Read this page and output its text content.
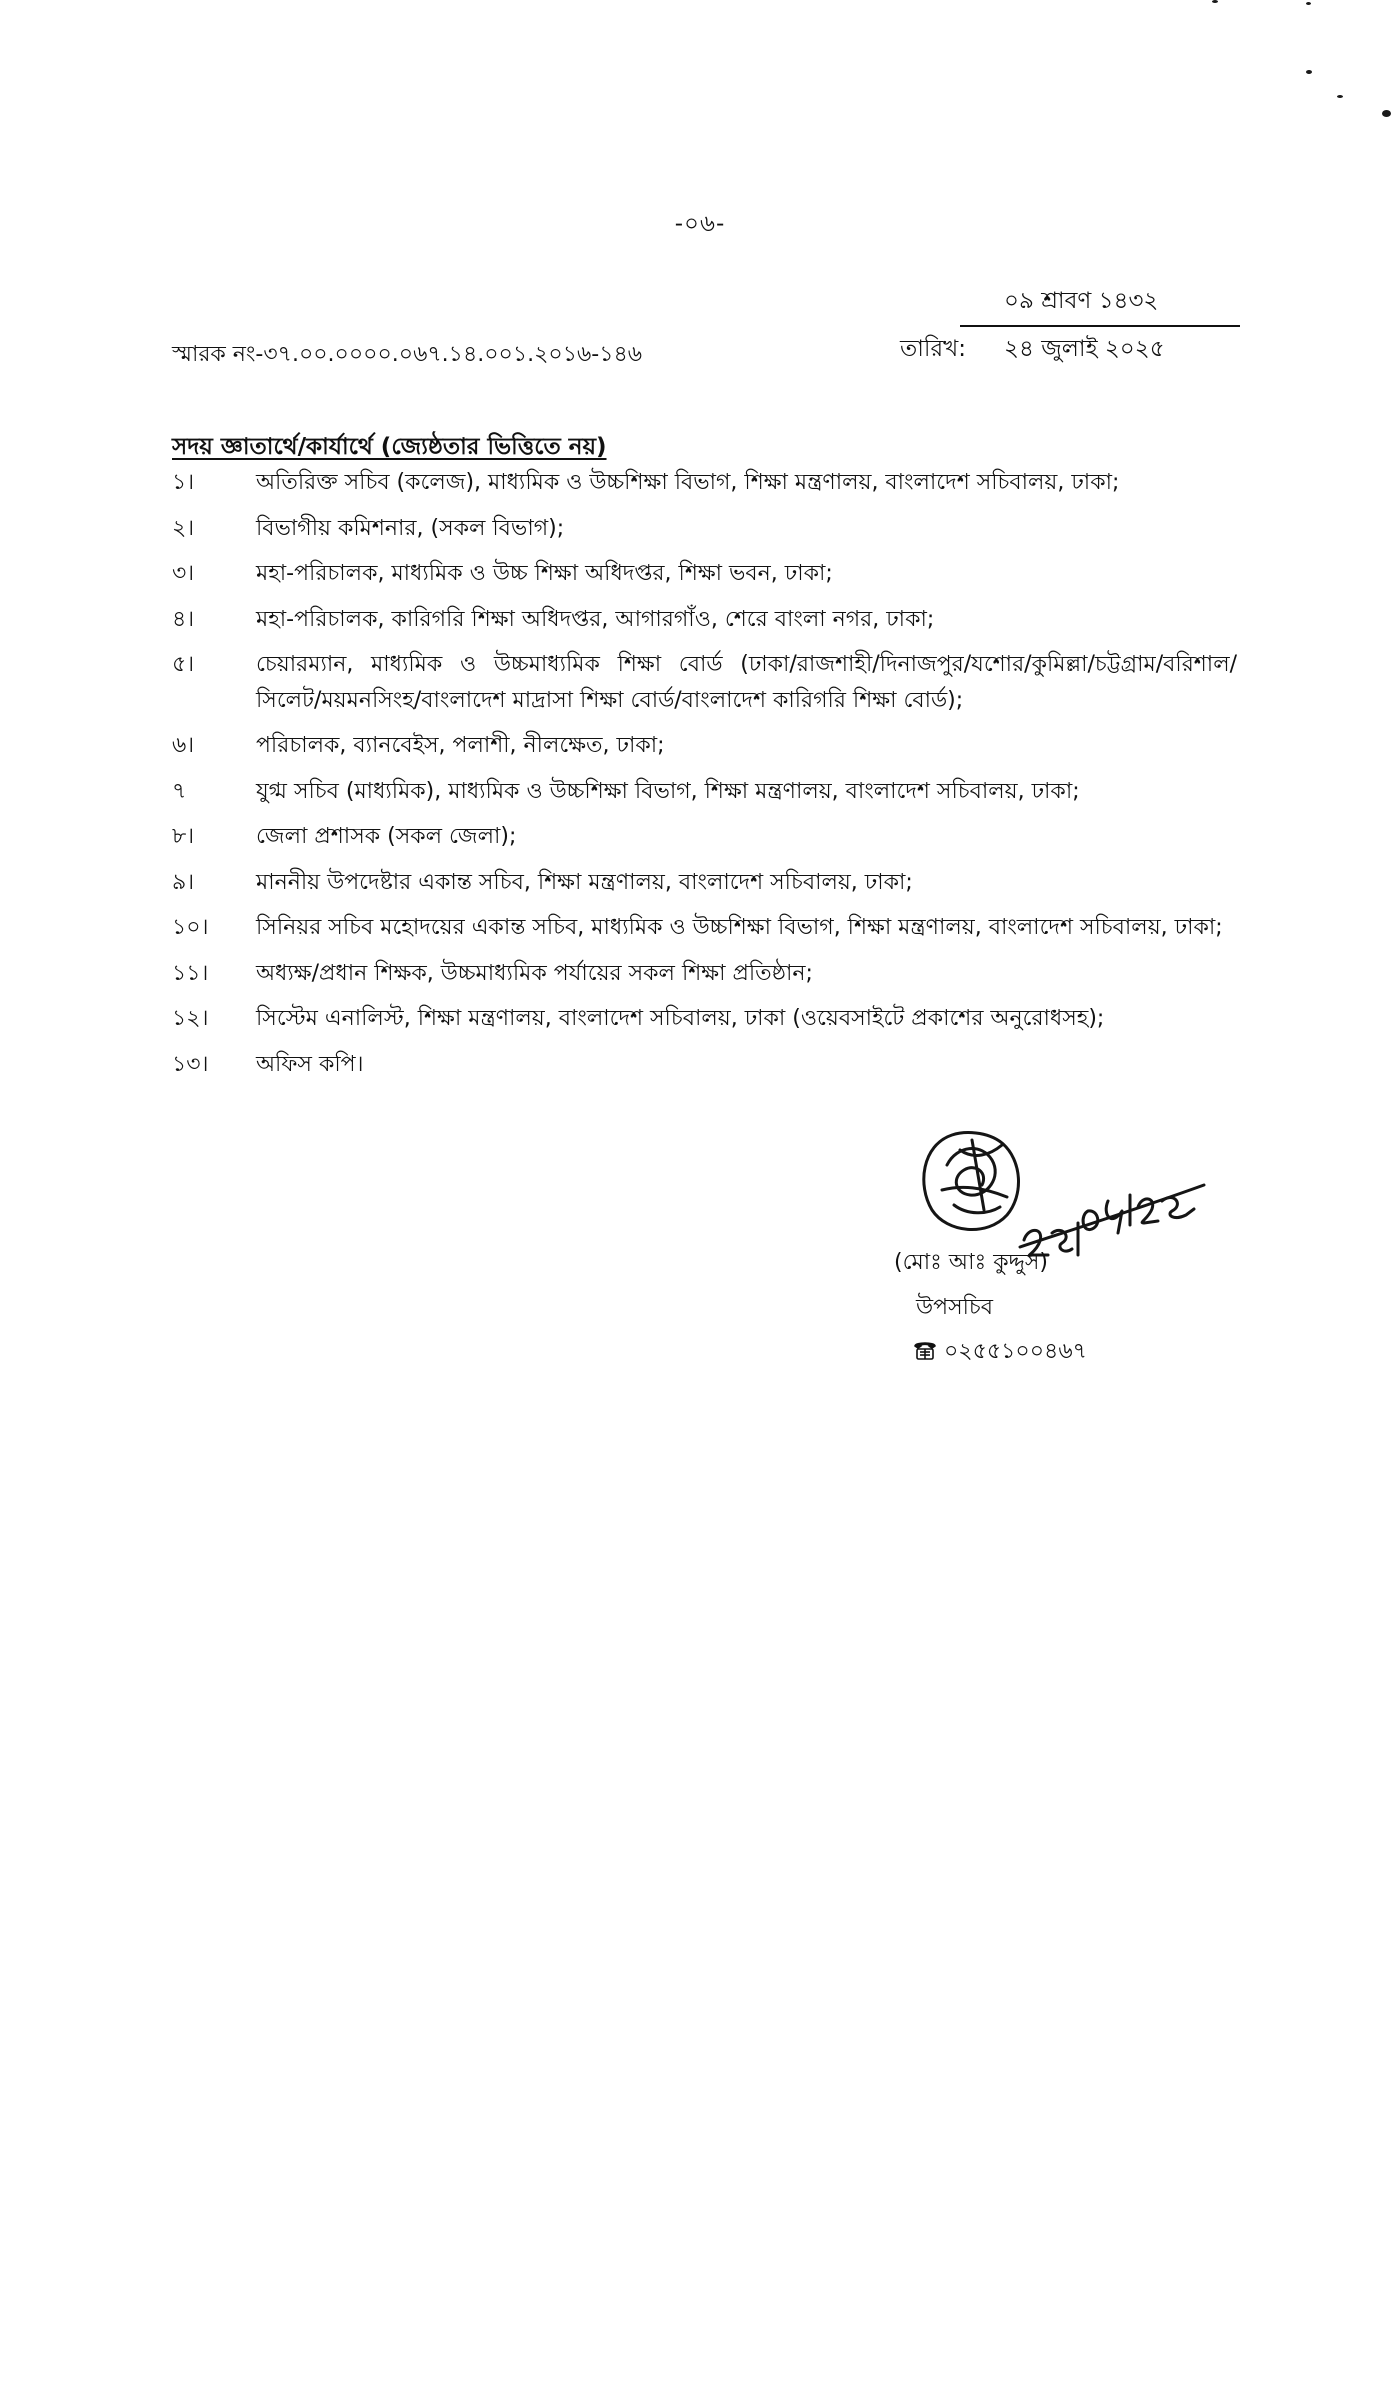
-০৬-
০৯ শ্রাবণ ১৪৩২
তারিখ: ২৪ জুলাই ২০২৫
স্মারক নং-৩৭.০০.০০০০.০৬৭.১৪.০০১.২০১৬-১৪৬
সদয় জ্ঞাতার্থে/কার্যার্থে (জ্যেষ্ঠতার ভিত্তিতে নয়)
১।	অতিরিক্ত সচিব (কলেজ), মাধ্যমিক ও উচ্চশিক্ষা বিভাগ, শিক্ষা মন্ত্রণালয়, বাংলাদেশ সচিবালয়, ঢাকা;
২।	বিভাগীয় কমিশনার, (সকল বিভাগ);
৩।	মহা-পরিচালক, মাধ্যমিক ও উচ্চ শিক্ষা অধিদপ্তর, শিক্ষা ভবন, ঢাকা;
৪।	মহা-পরিচালক, কারিগরি শিক্ষা অধিদপ্তর, আগারগাঁও, শেরে বাংলা নগর, ঢাকা;
৫।	চেয়ারম্যান, মাধ্যমিক ও উচ্চমাধ্যমিক শিক্ষা বোর্ড (ঢাকা/রাজশাহী/দিনাজপুর/যশোর/কুমিল্লা/চট্টগ্রাম/বরিশাল/সিলেট/ময়মনসিংহ/বাংলাদেশ মাদ্রাসা শিক্ষা বোর্ড/বাংলাদেশ কারিগরি শিক্ষা বোর্ড);
৬।	পরিচালক, ব্যানবেইস, পলাশী, নীলক্ষেত, ঢাকা;
৭	যুগ্ম সচিব (মাধ্যমিক), মাধ্যমিক ও উচ্চশিক্ষা বিভাগ, শিক্ষা মন্ত্রণালয়, বাংলাদেশ সচিবালয়, ঢাকা;
৮।	জেলা প্রশাসক (সকল জেলা);
৯।	মাননীয় উপদেষ্টার একান্ত সচিব, শিক্ষা মন্ত্রণালয়, বাংলাদেশ সচিবালয়, ঢাকা;
১০।	সিনিয়র সচিব মহোদয়ের একান্ত সচিব, মাধ্যমিক ও উচ্চশিক্ষা বিভাগ, শিক্ষা মন্ত্রণালয়, বাংলাদেশ সচিবালয়, ঢাকা;
১১।	অধ্যক্ষ/প্রধান শিক্ষক, উচ্চমাধ্যমিক পর্যায়ের সকল শিক্ষা প্রতিষ্ঠান;
১২।	সিস্টেম এনালিস্ট, শিক্ষা মন্ত্রণালয়, বাংলাদেশ সচিবালয়, ঢাকা (ওয়েবসাইটে প্রকাশের অনুরোধসহ);
১৩।	অফিস কপি।
(মোঃ আঃ কুদ্দুস)
উপসচিব
০২৫৫১০০৪৬৭
